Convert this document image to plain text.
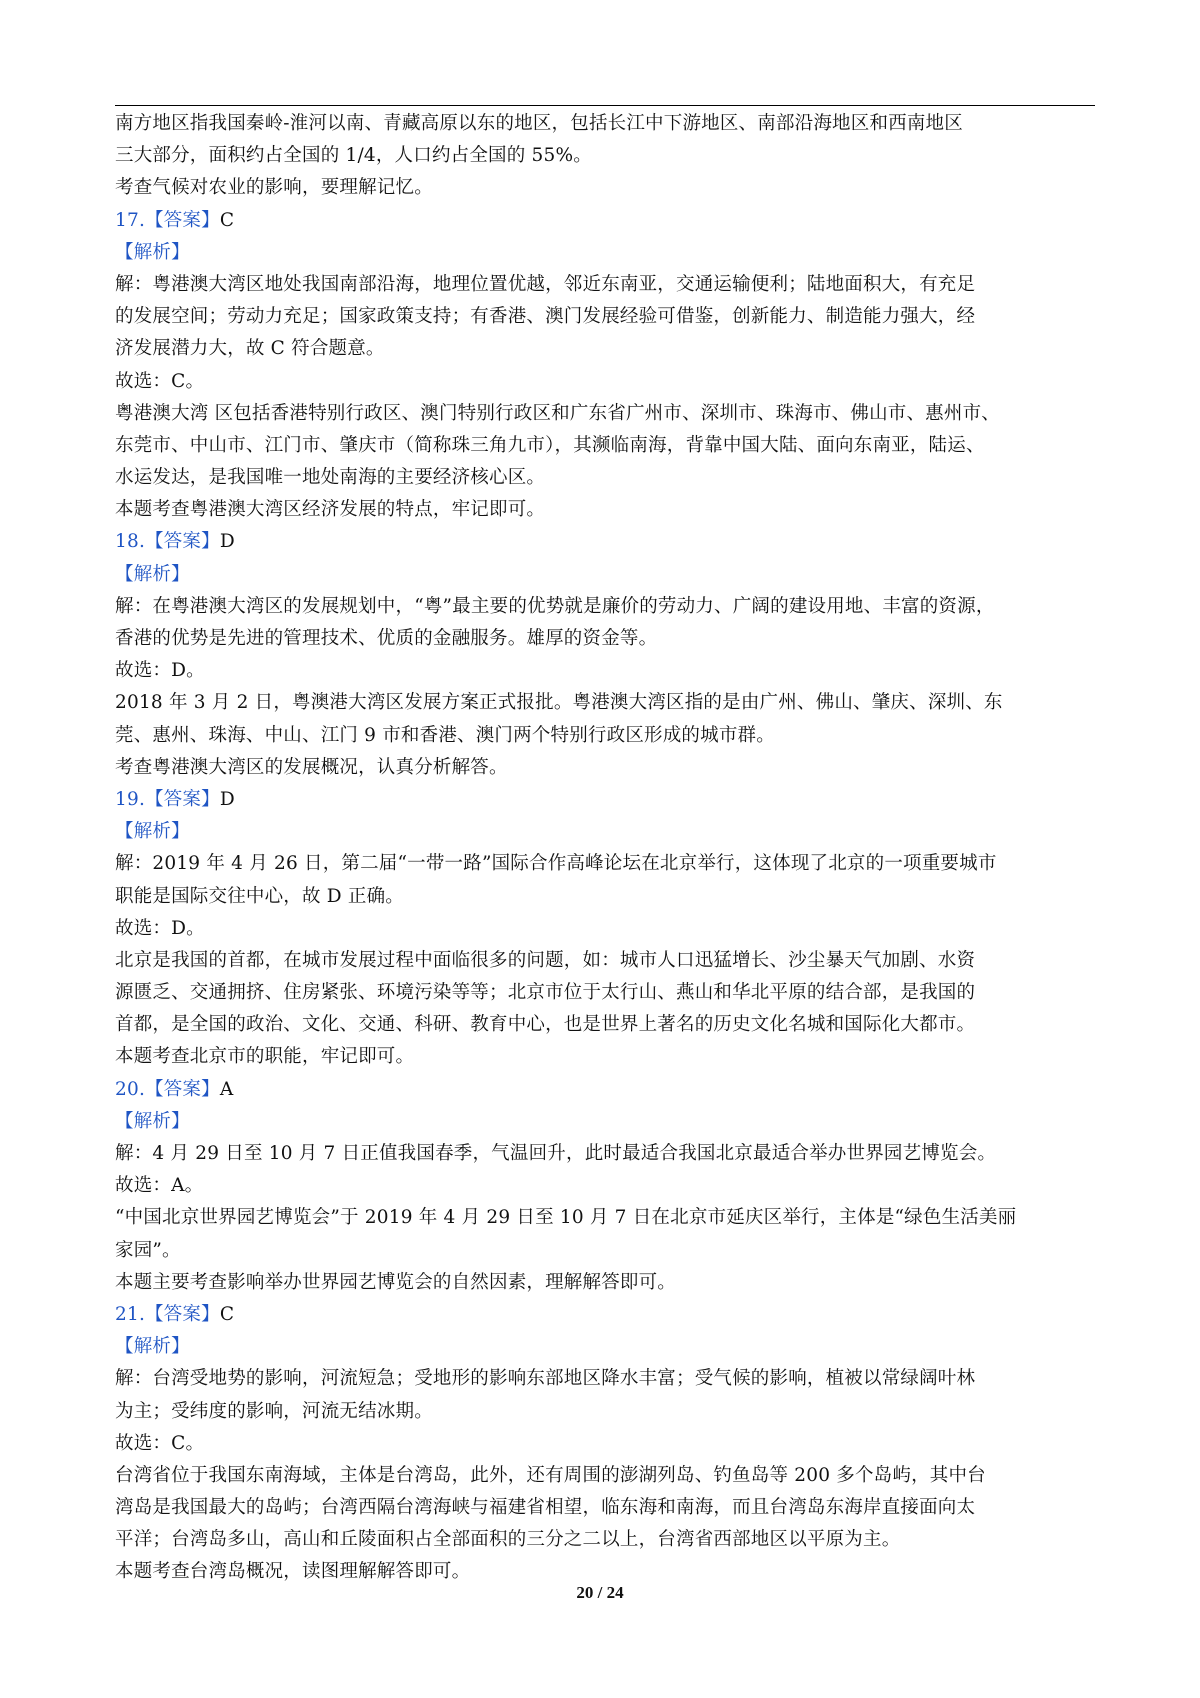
南方地区指我国秦岭-淮河以南、青藏高原以东的地区，包括长江中下游地区、南部沿海地区和西南地区
三大部分，面积约占全国的 1/4，人口约占全国的 55%。
考查气候对农业的影响，要理解记忆。
17.【答案】C
【解析】
解：粤港澳大湾区地处我国南部沿海，地理位置优越，邻近东南亚，交通运输便利；陆地面积大，有充足
的发展空间；劳动力充足；国家政策支持；有香港、澳门发展经验可借鉴，创新能力、制造能力强大，经
济发展潜力大，故 C 符合题意。
故选：C。
粤港澳大湾 区包括香港特别行政区、澳门特别行政区和广东省广州市、深圳市、珠海市、佛山市、惠州市、
东莞市、中山市、江门市、肇庆市（简称珠三角九市），其濒临南海，背靠中国大陆、面向东南亚，陆运、
水运发达，是我国唯一地处南海的主要经济核心区。
本题考查粤港澳大湾区经济发展的特点，牢记即可。
18.【答案】D
【解析】
解：在粤港澳大湾区的发展规划中，“粤”最主要的优势就是廉价的劳动力、广阔的建设用地、丰富的资源，
香港的优势是先进的管理技术、优质的金融服务。雄厚的资金等。
故选：D。
2018 年 3 月 2 日，粤澳港大湾区发展方案正式报批。粤港澳大湾区指的是由广州、佛山、肇庆、深圳、东
莞、惠州、珠海、中山、江门 9 市和香港、澳门两个特别行政区形成的城市群。
考查粤港澳大湾区的发展概况，认真分析解答。
19.【答案】D
【解析】
解：2019 年 4 月 26 日，第二届“一带一路”国际合作高峰论坛在北京举行，这体现了北京的一项重要城市
职能是国际交往中心，故 D 正确。
故选：D。
北京是我国的首都，在城市发展过程中面临很多的问题，如：城市人口迅猛增长、沙尘暴天气加剧、水资
源匮乏、交通拥挤、住房紧张、环境污染等等；北京市位于太行山、燕山和华北平原的结合部，是我国的
首都，是全国的政治、文化、交通、科研、教育中心，也是世界上著名的历史文化名城和国际化大都市。
本题考查北京市的职能，牢记即可。
20.【答案】A
【解析】
解：4 月 29 日至 10 月 7 日正值我国春季，气温回升，此时最适合我国北京最适合举办世界园艺博览会。
故选：A。
“中国北京世界园艺博览会”于 2019 年 4 月 29 日至 10 月 7 日在北京市延庆区举行，主体是“绿色生活美丽
家园”。
本题主要考查影响举办世界园艺博览会的自然因素，理解解答即可。
21.【答案】C
【解析】
解：台湾受地势的影响，河流短急；受地形的影响东部地区降水丰富；受气候的影响，植被以常绿阔叶林
为主；受纬度的影响，河流无结冰期。
故选：C。
台湾省位于我国东南海域，主体是台湾岛，此外，还有周围的澎湖列岛、钓鱼岛等 200 多个岛屿，其中台
湾岛是我国最大的岛屿；台湾西隔台湾海峡与福建省相望，临东海和南海，而且台湾岛东海岸直接面向太
平洋；台湾岛多山，高山和丘陵面积占全部面积的三分之二以上，台湾省西部地区以平原为主。
本题考查台湾岛概况，读图理解解答即可。
20 / 24
